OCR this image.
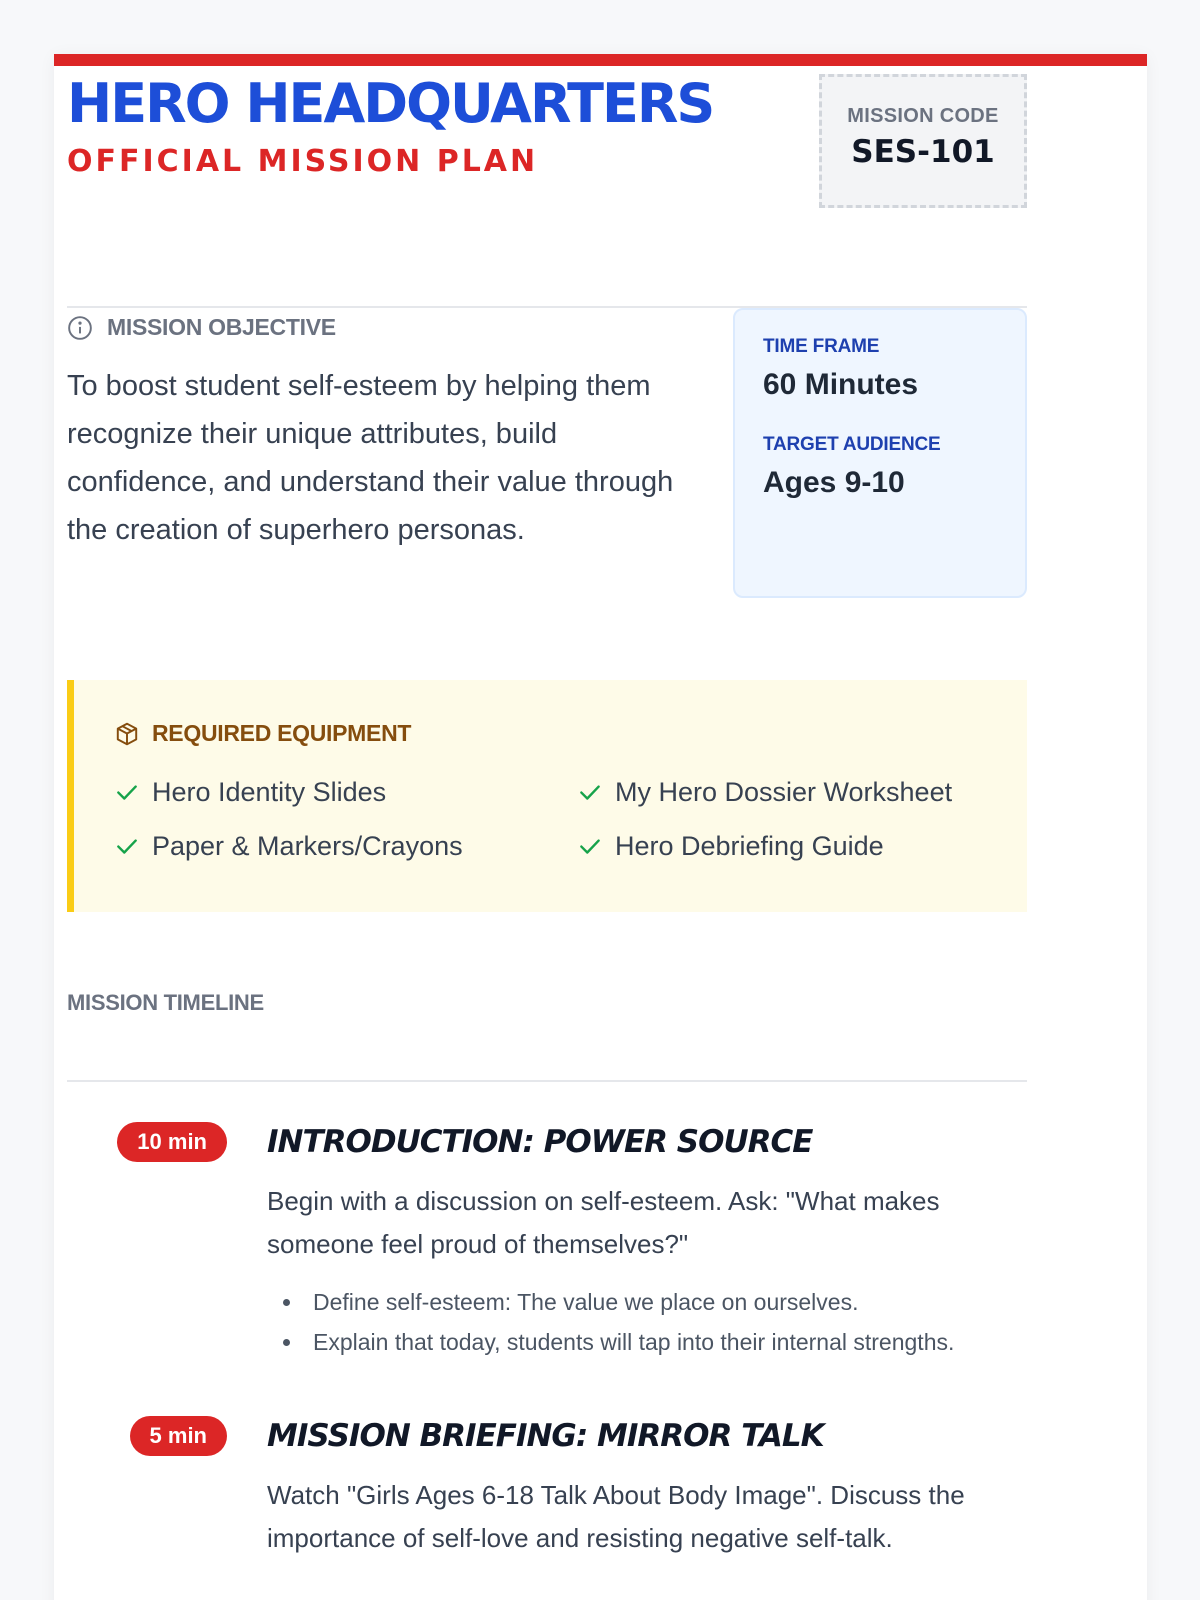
HERO HEADQUARTERS
OFFICIAL MISSION PLAN
MISSION CODE
SES-101
MISSION OBJECTIVE
To boost student self-esteem by helping them recognize their unique attributes, build confidence, and understand their value through the creation of superhero personas.
TIME FRAME
60 Minutes
TARGET AUDIENCE
Ages 9-10
REQUIRED EQUIPMENT
Hero Identity Slides	My Hero Dossier Worksheet
Paper & Markers/Crayons	Hero Debriefing Guide
MISSION TIMELINE
10 min	INTRODUCTION: POWER SOURCE
Begin with a discussion on self-esteem. Ask: "What makes someone feel proud of themselves?"
Define self-esteem: The value we place on ourselves.
Explain that today, students will tap into their internal strengths.
5 min	MISSION BRIEFING: MIRROR TALK
Watch "Girls Ages 6-18 Talk About Body Image". Discuss the importance of self-love and resisting negative self-talk.
